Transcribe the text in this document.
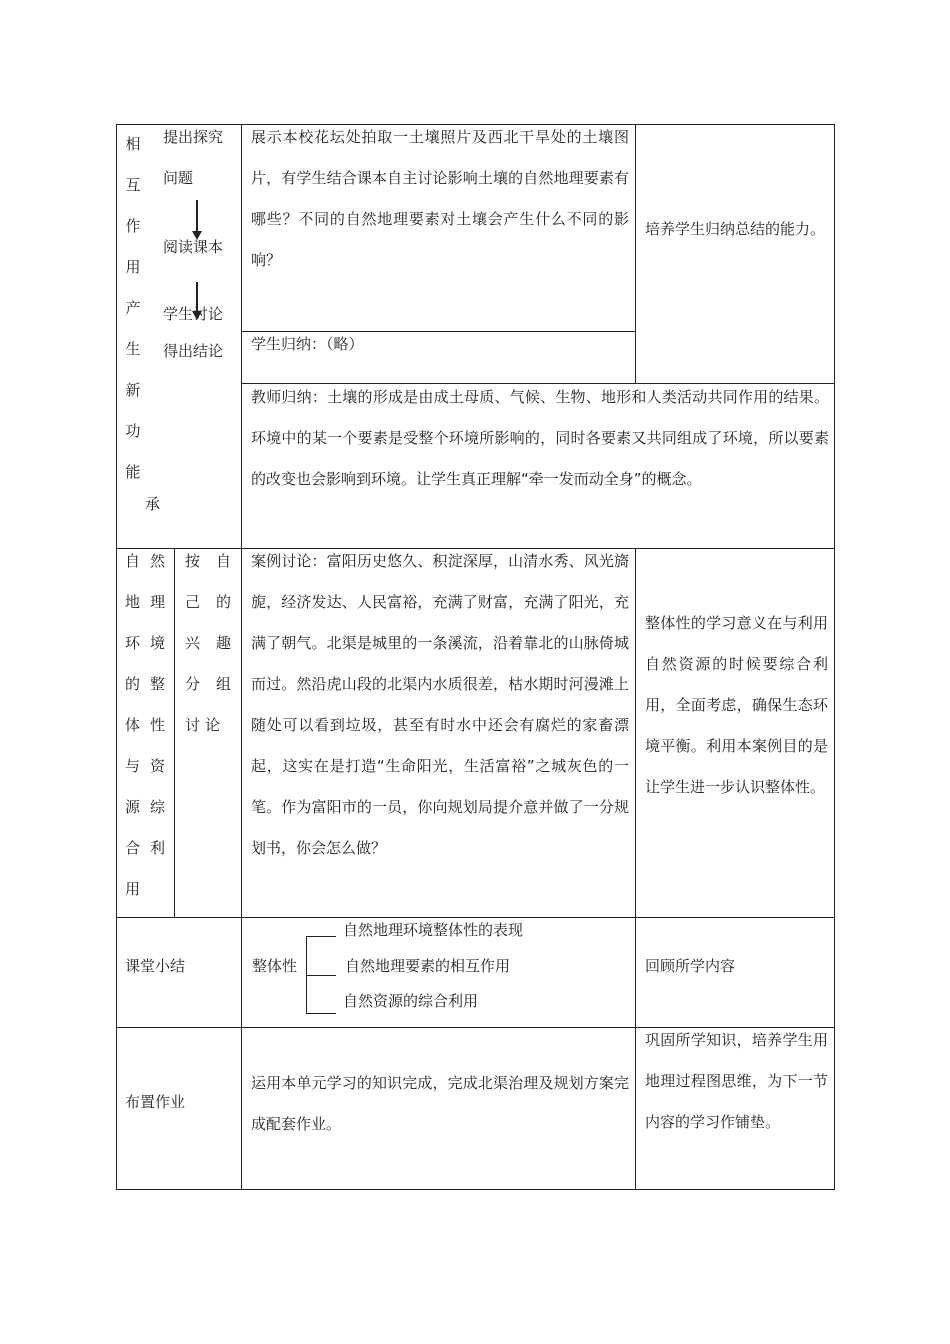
相
互
作
用
产
生
新
功
能
承
提出探究
问题
阅读课本
学生讨论
得出结论
展示本校花坛处拍取一土壤照片及西北干旱处的土壤图片，有学生结合课本自主讨论影响土壤的自然地理要素有哪些？不同的自然地理要素对土壤会产生什么不同的影响？
学生归纳：（略）
教师归纳：土壤的形成是由成土母质、气候、生物、地形和人类活动共同作用的结果。环境中的某一个要素是受整个环境所影响的，同时各要素又共同组成了环境，所以要素的改变也会影响到环境。让学生真正理解“牵一发而动全身”的概念。
培养学生归纳总结的能力。
自 然
地 理
环 境
的 整
体 性
与 资
源 综
合 利
用
按 自
己 的
兴 趣
分 组
讨 论
案例讨论：富阳历史悠久、积淀深厚，山清水秀、风光旖旎，经济发达、人民富裕，充满了财富，充满了阳光，充满了朝气。北渠是城里的一条溪流，沿着靠北的山脉倚城而过。然沿虎山段的北渠内水质很差，枯水期时河漫滩上随处可以看到垃圾，甚至有时水中还会有腐烂的家畜漂起，这实在是打造“生命阳光，生活富裕”之城灰色的一笔。作为富阳市的一员，你向规划局提介意并做了一分规划书，你会怎么做？
整体性的学习意义在与利用自然资源的时候要综合利用，全面考虑，确保生态环境平衡。利用本案例目的是让学生进一步认识整体性。
课堂小结	整体性
自然地理环境整体性的表现
自然地理要素的相互作用
自然资源的综合利用
回顾所学内容
布置作业
运用本单元学习的知识完成，完成北渠治理及规划方案完成配套作业。
巩固所学知识，培养学生用地理过程图思维，为下一节内容的学习作铺垫。
